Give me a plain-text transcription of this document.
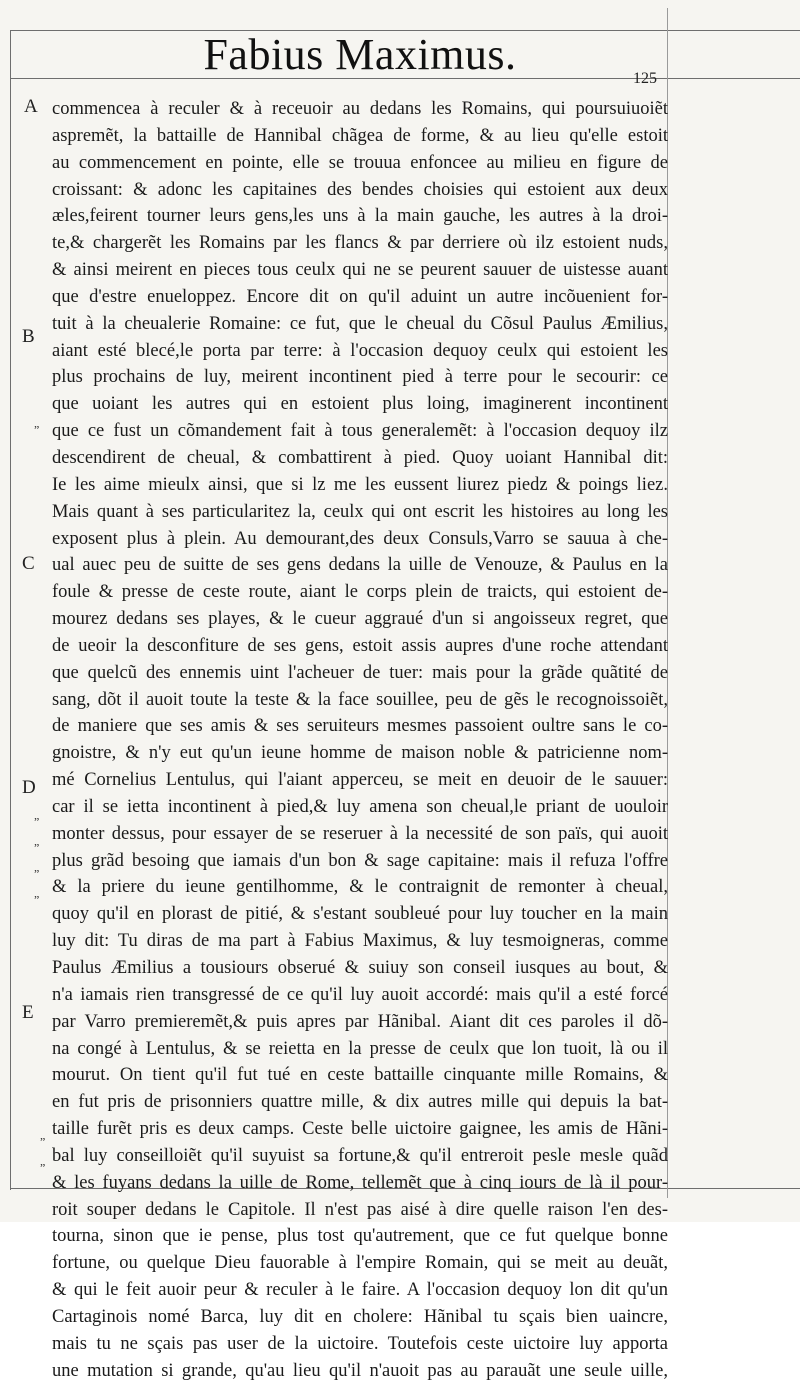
Fabius Maximus.	125
A
B
C
D
E
„
„
„
„
„
„
„
commencea à reculer & à receuoir au dedans les Romains, qui poursuiuoiẽt
aspremẽt, la battaille de Hannibal chãgea de forme, & au lieu qu'elle estoit
au commencement en pointe, elle se trouua enfoncee au milieu en figure de
croissant: & adonc les capitaines des bendes choisies qui estoient aux deux
æles,feirent tourner leurs gens,les uns à la main gauche, les autres à la droi-
te,& chargerẽt les Romains par les flancs & par derriere où ilz estoient nuds,
& ainsi meirent en pieces tous ceulx qui ne se peurent sauuer de uistesse auant
que d'estre enueloppez. Encore dit on qu'il aduint un autre incõuenient for-
tuit à la cheualerie Romaine: ce fut, que le cheual du Cõsul Paulus Æmilius,
aiant esté blecé,le porta par terre: à l'occasion dequoy ceulx qui estoient les
plus prochains de luy, meirent incontinent pied à terre pour le secourir: ce
que uoiant les autres qui en estoient plus loing, imaginerent incontinent
que ce fust un cõmandement fait à tous generalemẽt: à l'occasion dequoy ilz
descendirent de cheual, & combattirent à pied. Quoy uoiant Hannibal dit:
Ie les aime mieulx ainsi, que si lz me les eussent liurez piedz & poings liez.
Mais quant à ses particularitez la, ceulx qui ont escrit les histoires au long les
exposent plus à plein. Au demourant,des deux Consuls,Varro se sauua à che-
ual auec peu de suitte de ses gens dedans la uille de Venouze, & Paulus en la
foule & presse de ceste route, aiant le corps plein de traicts, qui estoient de-
mourez dedans ses playes, & le cueur aggraué d'un si angoisseux regret, que
de ueoir la desconfiture de ses gens, estoit assis aupres d'une roche attendant
que quelcũ des ennemis uint l'acheuer de tuer: mais pour la grãde quãtité de
sang, dõt il auoit toute la teste & la face souillee, peu de gẽs le recognoissoiẽt,
de maniere que ses amis & ses seruiteurs mesmes passoient oultre sans le co-
gnoistre, & n'y eut qu'un ieune homme de maison noble & patricienne nom-
mé Cornelius Lentulus, qui l'aiant apperceu, se meit en deuoir de le sauuer:
car il se ietta incontinent à pied,& luy amena son cheual,le priant de uouloir
monter dessus, pour essayer de se reseruer à la necessité de son païs, qui auoit
plus grãd besoing que iamais d'un bon & sage capitaine: mais il refuza l'offre
& la priere du ieune gentilhomme, & le contraignit de remonter à cheual,
quoy qu'il en plorast de pitié, & s'estant soubleué pour luy toucher en la main
luy dit: Tu diras de ma part à Fabius Maximus, & luy tesmoigneras, comme
Paulus Æmilius a tousiours obserué & suiuy son conseil iusques au bout, &
n'a iamais rien transgressé de ce qu'il luy auoit accordé: mais qu'il a esté forcé
par Varro premieremẽt,& puis apres par Hãnibal. Aiant dit ces paroles il dõ-
na congé à Lentulus, & se reietta en la presse de ceulx que lon tuoit, là ou il
mourut. On tient qu'il fut tué en ceste battaille cinquante mille Romains, &
en fut pris de prisonniers quattre mille, & dix autres mille qui depuis la bat-
taille furẽt pris es deux camps. Ceste belle uictoire gaignee, les amis de Hãni-
bal luy conseilloiẽt qu'il suyuist sa fortune,& qu'il entreroit pesle mesle quãd
& les fuyans dedans la uille de Rome, tellemẽt que à cinq iours de là il pour-
roit souper dedans le Capitole. Il n'est pas aisé à dire quelle raison l'en des-
tourna, sinon que ie pense, plus tost qu'autrement, que ce fut quelque bonne
fortune, ou quelque Dieu fauorable à l'empire Romain, qui se meit au deuãt,
& qui le feit auoir peur & reculer à le faire. A l'occasion dequoy lon dit qu'un
Cartaginois nomé Barca, luy dit en cholere: Hãnibal tu sçais bien uaincre,
mais tu ne sçais pas user de la uictoire. Toutefois ceste uictoire luy apporta
une mutation si grande, qu'au lieu qu'il n'auoit pas au parauãt une seule uille,
